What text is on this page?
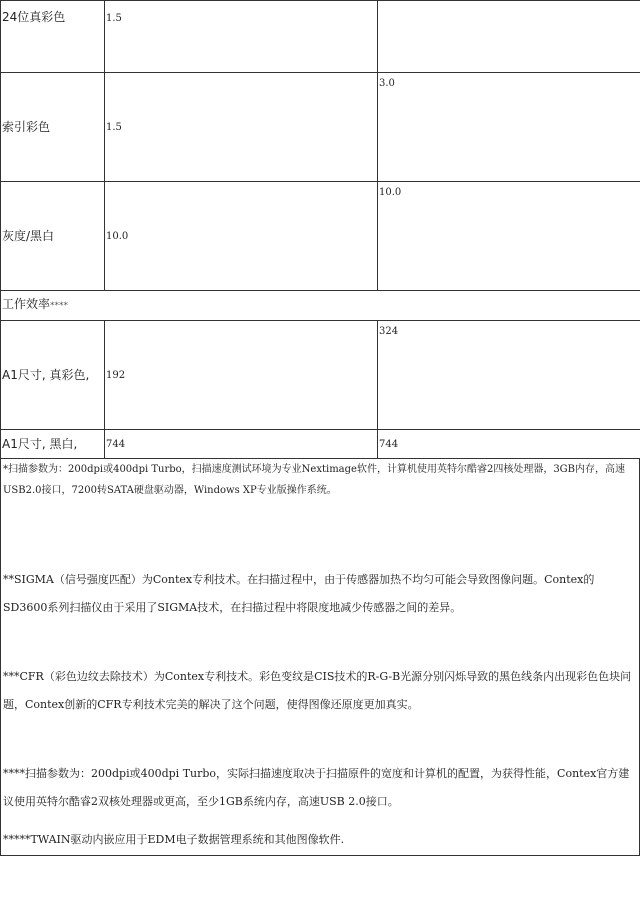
24位真彩色	1.5	
索引彩色	1.5	3.0
灰度/黑白	10.0	10.0
工作效率****		
A1尺寸, 真彩色,	192	324
A1尺寸, 黑白,	744	744
*扫描参数为：200dpi或400dpi Turbo，扫描速度测试环境为专业Nextimage软件，计算机使用英特尔酷睿2四核处理器，3GB内存，高速USB2.0接口，7200转SATA硬盘驱动器，Windows XP专业版操作系统。
**SIGMA（信号强度匹配）为Contex专利技术。在扫描过程中，由于传感器加热不均匀可能会导致图像问题。Contex的SD3600系列扫描仪由于采用了SIGMA技术，在扫描过程中将限度地减少传感器之间的差异。
***CFR（彩色边纹去除技术）为Contex专利技术。彩色变纹是CIS技术的R-G-B光源分别闪烁导致的黑色线条内出现彩色色块问题，Contex创新的CFR专利技术完美的解决了这个问题，使得图像还原度更加真实。
****扫描参数为：200dpi或400dpi Turbo，实际扫描速度取决于扫描原件的宽度和计算机的配置，为获得性能，Contex官方建议使用英特尔酷睿2双核处理器或更高，至少1GB系统内存，高速USB 2.0接口。
*****TWAIN驱动内嵌应用于EDM电子数据管理系统和其他图像软件.
